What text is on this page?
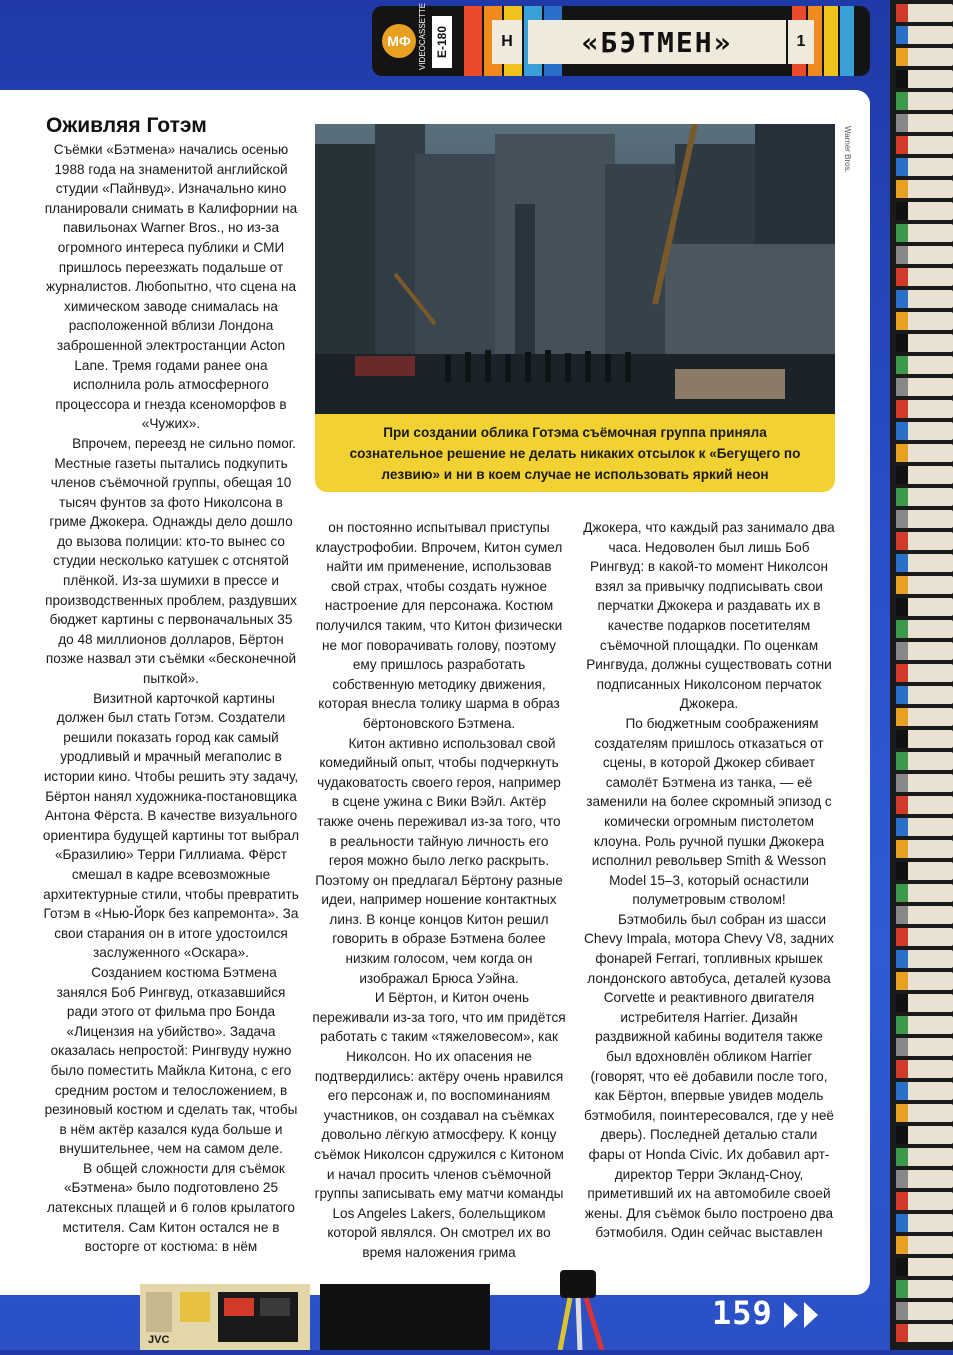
МФ VIDEOCASSETTE E-180	H	«БЭТМЕН»	1
Оживляя Готэм

Съёмки «Бэтмена» начались осенью 1988 года на знаменитой английской студии «Пайнвуд». Изначально кино планировали снимать в Калифорнии на павильонах Warner Bros., но из-за огромного интереса публики и СМИ пришлось переезжать подальше от журналистов. Любопытно, что сцена на химическом заводе снималась на расположенной вблизи Лондона заброшенной электростанции Acton Lane. Тремя годами ранее она исполнила роль атмосферного процессора и гнезда ксеноморфов в «Чужих».

Впрочем, переезд не сильно помог. Местные газеты пытались подкупить членов съёмочной группы, обещая 10 тысяч фунтов за фото Николсона в гриме Джокера. Однажды дело дошло до вызова полиции: кто-то вынес со студии несколько катушек с отснятой плёнкой. Из-за шумихи в прессе и производственных проблем, раздувших бюджет картины с первоначальных 35 до 48 миллионов долларов, Бёртон позже назвал эти съёмки «бесконечной пыткой».

Визитной карточкой картины должен был стать Готэм. Создатели решили показать город как самый уродливый и мрачный мегаполис в истории кино. Чтобы решить эту задачу, Бёртон нанял художника-постановщика Антона Фёрста. В качестве визуального ориентира будущей картины тот выбрал «Бразилию» Терри Гиллиама. Фёрст смешал в кадре всевозможные архитектурные стили, чтобы превратить Готэм в «Нью-Йорк без капремонта». За свои старания он в итоге удостоился заслуженного «Оскара».

Созданием костюма Бэтмена занялся Боб Рингвуд, отказавшийся ради этого от фильма про Бонда «Лицензия на убийство». Задача оказалась непростой: Рингвуду нужно было поместить Майкла Китона, с его средним ростом и телосложением, в резиновый костюм и сделать так, чтобы в нём актёр казался куда больше и внушительнее, чем на самом деле.

В общей сложности для съёмок «Бэтмена» было подготовлено 25 латексных плащей и 6 голов крылатого мстителя. Сам Китон остался не в восторге от костюма: в нём

Warner Bros.
При создании облика Готэма съёмочная группа приняла сознательное решение не делать никаких отсылок к «Бегущего по лезвию» и ни в коем случае не использовать яркий неон

он постоянно испытывал приступы клаустрофобии. Впрочем, Китон сумел найти им применение, использовав свой страх, чтобы создать нужное настроение для персонажа. Костюм получился таким, что Китон физически не мог поворачивать голову, поэтому ему пришлось разработать собственную методику движения, которая внесла толику шарма в образ бёртоновского Бэтмена.

Китон активно использовал свой комедийный опыт, чтобы подчеркнуть чудаковатость своего героя, например в сцене ужина с Вики Вэйл. Актёр также очень переживал из-за того, что в реальности тайную личность его героя можно было легко раскрыть. Поэтому он предлагал Бёртону разные идеи, например ношение контактных линз. В конце концов Китон решил говорить в образе Бэтмена более низким голосом, чем когда он изображал Брюса Уэйна.

И Бёртон, и Китон очень переживали из-за того, что им придётся работать с таким «тяжеловесом», как Николсон. Но их опасения не подтвердились: актёру очень нравился его персонаж и, по воспоминаниям участников, он создавал на съёмках довольно лёгкую атмосферу. К концу съёмок Николсон сдружился с Китоном и начал просить членов съёмочной группы записывать ему матчи команды Los Angeles Lakers, болельщиком которой являлся. Он смотрел их во время наложения грима

Джокера, что каждый раз занимало два часа. Недоволен был лишь Боб Рингвуд: в какой-то момент Николсон взял за привычку подписывать свои перчатки Джокера и раздавать их в качестве подарков посетителям съёмочной площадки. По оценкам Рингвуда, должны существовать сотни подписанных Николсоном перчаток Джокера.

По бюджетным соображениям создателям пришлось отказаться от сцены, в которой Джокер сбивает самолёт Бэтмена из танка, — её заменили на более скромный эпизод с комически огромным пистолетом клоуна. Роль ручной пушки Джокера исполнил револьвер Smith & Wesson Model 15–3, который оснастили полуметровым стволом!

Бэтмобиль был собран из шасси Chevy Impala, мотора Chevy V8, задних фонарей Ferrari, топливных крышек лондонского автобуса, деталей кузова Corvette и реактивного двигателя истребителя Harrier. Дизайн раздвижной кабины водителя также был вдохновлён обликом Harrier (говорят, что её добавили после того, как Бёртон, впервые увидев модель бэтмобиля, поинтересовался, где у неё дверь). Последней деталью стали фары от Honda Civic. Их добавил арт-директор Терри Экланд-Сноу, приметивший их на автомобиле своей жены. Для съёмок было построено два бэтмобиля. Один сейчас выставлен

JVC
159
